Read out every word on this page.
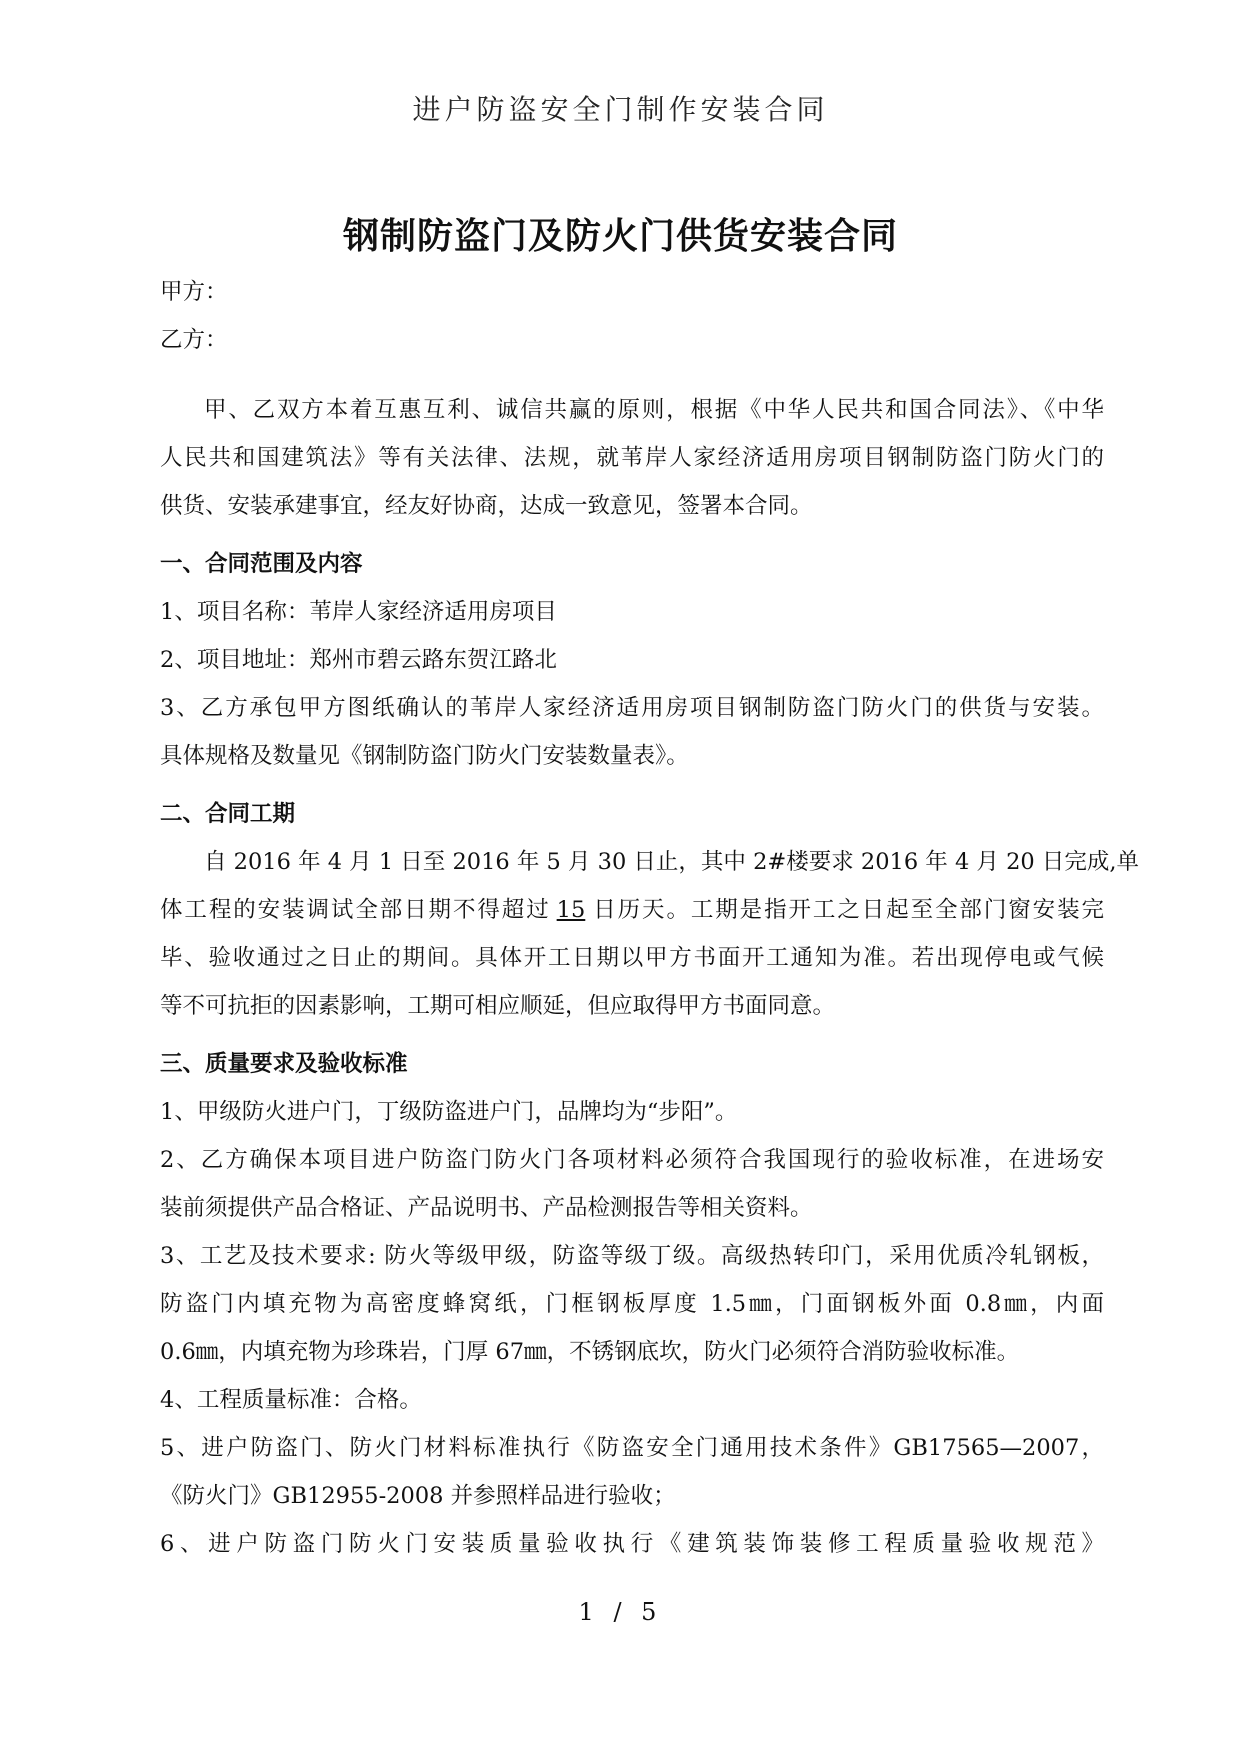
进户防盗安全门制作安装合同
钢制防盗门及防火门供货安装合同

甲方：

乙方：

甲、乙双方本着互惠互利、诚信共赢的原则，根据《中华人民共和国合同法》、《中华

人民共和国建筑法》等有关法律、法规，就苇岸人家经济适用房项目钢制防盗门防火门的

供货、安装承建事宜，经友好协商，达成一致意见，签署本合同。

一、合同范围及内容

1、项目名称：苇岸人家经济适用房项目

2、项目地址：郑州市碧云路东贺江路北

3、乙方承包甲方图纸确认的苇岸人家经济适用房项目钢制防盗门防火门的供货与安装。

具体规格及数量见《钢制防盗门防火门安装数量表》。

二、合同工期

自 2016 年 4 月 1 日至 2016 年 5 月 30 日止，其中 2#楼要求 2016 年 4 月 20 日完成,单

体工程的安装调试全部日期不得超过 15 日历天。工期是指开工之日起至全部门窗安装完

毕、验收通过之日止的期间。具体开工日期以甲方书面开工通知为准。若出现停电或气候

等不可抗拒的因素影响，工期可相应顺延，但应取得甲方书面同意。

三、质量要求及验收标准

1、甲级防火进户门，丁级防盗进户门，品牌均为“步阳”。

2、乙方确保本项目进户防盗门防火门各项材料必须符合我国现行的验收标准，在进场安

装前须提供产品合格证、产品说明书、产品检测报告等相关资料。

3、工艺及技术要求: 防火等级甲级，防盗等级丁级。高级热转印门，采用优质冷轧钢板，

防盗门内填充物为高密度蜂窝纸，门框钢板厚度 1.5㎜，门面钢板外面 0.8㎜，内面

0.6㎜，内填充物为珍珠岩，门厚 67㎜，不锈钢底坎，防火门必须符合消防验收标准。

4、工程质量标准：合格。

5、进户防盗门、防火门材料标准执行《防盗安全门通用技术条件》GB17565—2007，

《防火门》GB12955-2008 并参照样品进行验收；

6、进户防盗门防火门安装质量验收执行《建筑装饰装修工程质量验收规范》

1 / 5
